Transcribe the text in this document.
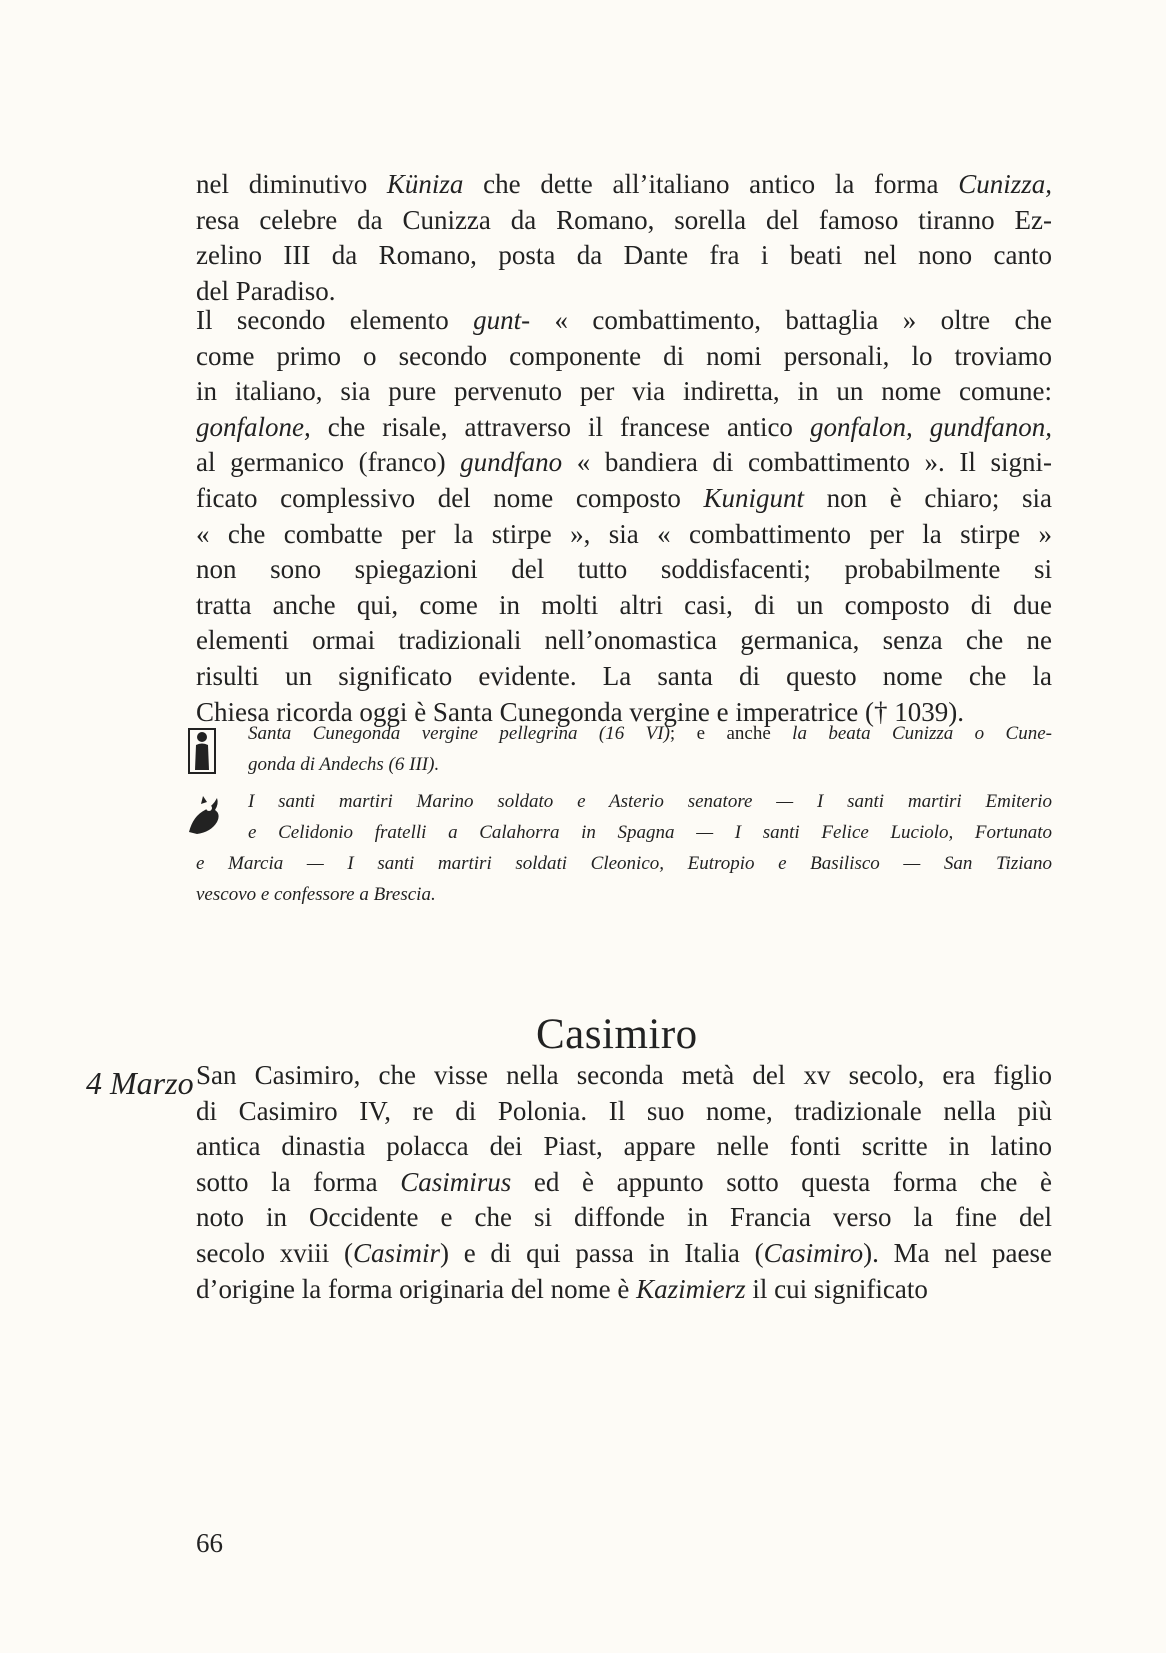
nel diminutivo Küniza che dette all’italiano antico la forma Cunizza,
resa celebre da Cunizza da Romano, sorella del famoso tiranno Ez-
zelino III da Romano, posta da Dante fra i beati nel nono canto
del Paradiso.
Il secondo elemento gunt- « combattimento, battaglia » oltre che
come primo o secondo componente di nomi personali, lo troviamo
in italiano, sia pure pervenuto per via indiretta, in un nome comune:
gonfalone, che risale, attraverso il francese antico gonfalon, gundfanon,
al germanico (franco) gundfano « bandiera di combattimento ». Il signi-
ficato complessivo del nome composto Kunigunt non è chiaro; sia
« che combatte per la stirpe », sia « combattimento per la stirpe »
non sono spiegazioni del tutto soddisfacenti; probabilmente si
tratta anche qui, come in molti altri casi, di un composto di due
elementi ormai tradizionali nell’onomastica germanica, senza che ne
risulti un significato evidente. La santa di questo nome che la
Chiesa ricorda oggi è Santa Cunegonda vergine e imperatrice († 1039).
Santa Cunegonda vergine pellegrina (16 VI); e anche la beata Cunizza o Cune-
gonda di Andechs (6 III).
I santi martiri Marino soldato e Asterio senatore — I santi martiri Emiterio
e Celidonio fratelli a Calahorra in Spagna — I santi Felice Luciolo, Fortunato
e Marcia — I santi martiri soldati Cleonico, Eutropio e Basilisco — San Tiziano
vescovo e confessore a Brescia.
Casimiro
4 Marzo San Casimiro, che visse nella seconda metà del xv secolo, era figlio
di Casimiro IV, re di Polonia. Il suo nome, tradizionale nella più
antica dinastia polacca dei Piast, appare nelle fonti scritte in latino
sotto la forma Casimirus ed è appunto sotto questa forma che è
noto in Occidente e che si diffonde in Francia verso la fine del
secolo xviii (Casimir) e di qui passa in Italia (Casimiro). Ma nel paese
d’origine la forma originaria del nome è Kazimierz il cui significato
66
